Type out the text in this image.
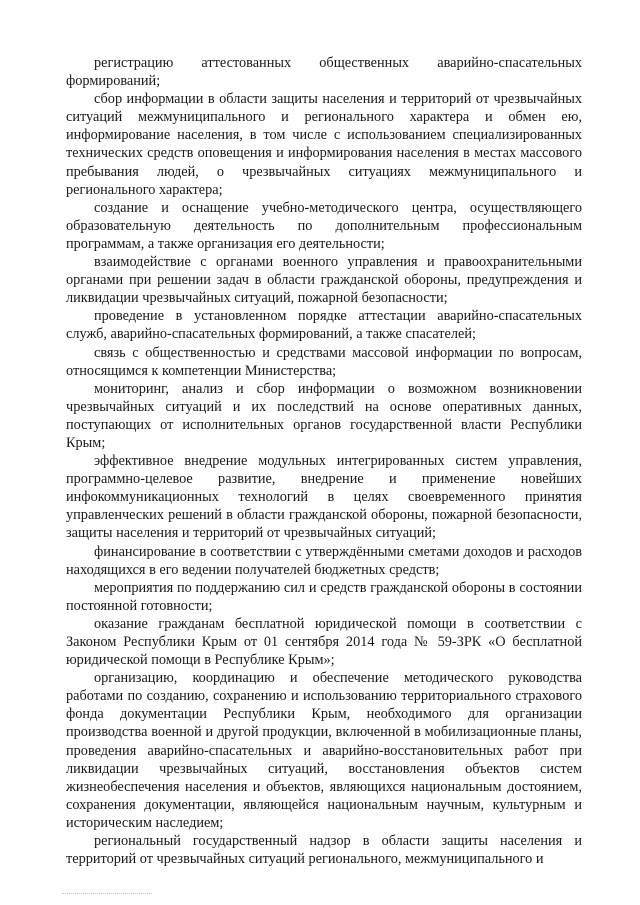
регистрацию аттестованных общественных аварийно-спасательных формирований;

сбор информации в области защиты населения и территорий от чрезвычайных ситуаций межмуниципального и регионального характера и обмен ею, информирование населения, в том числе с использованием специализированных технических средств оповещения и информирования населения в местах массового пребывания людей, о чрезвычайных ситуациях межмуниципального и регионального характера;

создание и оснащение учебно-методического центра, осуществляющего образовательную деятельность по дополнительным профессиональным программам, а также организация его деятельности;

взаимодействие с органами военного управления и правоохранительными органами при решении задач в области гражданской обороны, предупреждения и ликвидации чрезвычайных ситуаций, пожарной безопасности;

проведение в установленном порядке аттестации аварийно-спасательных служб, аварийно-спасательных формирований, а также спасателей;

связь с общественностью и средствами массовой информации по вопросам, относящимся к компетенции Министерства;

мониторинг, анализ и сбор информации о возможном возникновении чрезвычайных ситуаций и их последствий на основе оперативных данных, поступающих от исполнительных органов государственной власти Республики Крым;

эффективное внедрение модульных интегрированных систем управления, программно-целевое развитие, внедрение и применение новейших инфокоммуникационных технологий в целях своевременного принятия управленческих решений в области гражданской обороны, пожарной безопасности, защиты населения и территорий от чрезвычайных ситуаций;

финансирование в соответствии с утверждёнными сметами доходов и расходов находящихся в его ведении получателей бюджетных средств;

мероприятия по поддержанию сил и средств гражданской обороны в состоянии постоянной готовности;

оказание гражданам бесплатной юридической помощи в соответствии с Законом Республики Крым от 01 сентября 2014 года № 59-ЗРК «О бесплатной юридической помощи в Республике Крым»;

организацию, координацию и обеспечение методического руководства работами по созданию, сохранению и использованию территориального страхового фонда документации Республики Крым, необходимого для организации производства военной и другой продукции, включенной в мобилизационные планы, проведения аварийно-спасательных и аварийно-восстановительных работ при ликвидации чрезвычайных ситуаций, восстановления объектов систем жизнеобеспечения населения и объектов, являющихся национальным достоянием, сохранения документации, являющейся национальным научным, культурным и историческим наследием;

региональный государственный надзор в области защиты населения и территорий от чрезвычайных ситуаций регионального, межмуниципального и
